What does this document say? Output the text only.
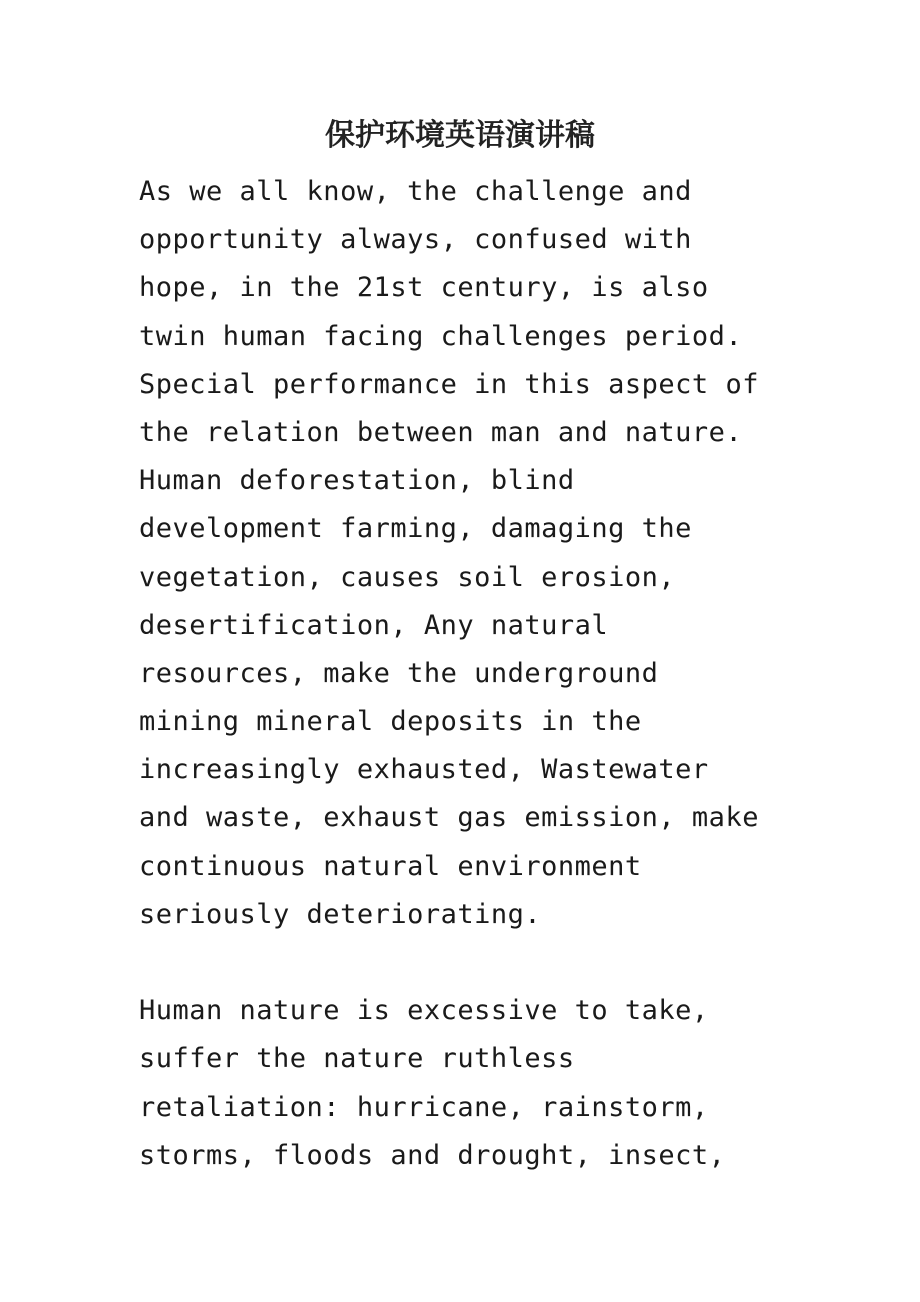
保护环境英语演讲稿

As we all know, the challenge and
opportunity always, confused with
hope, in the 21st century, is also
twin human facing challenges period.
Special performance in this aspect of
the relation between man and nature.
Human deforestation, blind
development farming, damaging the
vegetation, causes soil erosion,
desertification, Any natural
resources, make the underground
mining mineral deposits in the
increasingly exhausted, Wastewater
and waste, exhaust gas emission, make
continuous natural environment
seriously deteriorating.

Human nature is excessive to take,
suffer the nature ruthless
retaliation: hurricane, rainstorm,
storms, floods and drought, insect,
